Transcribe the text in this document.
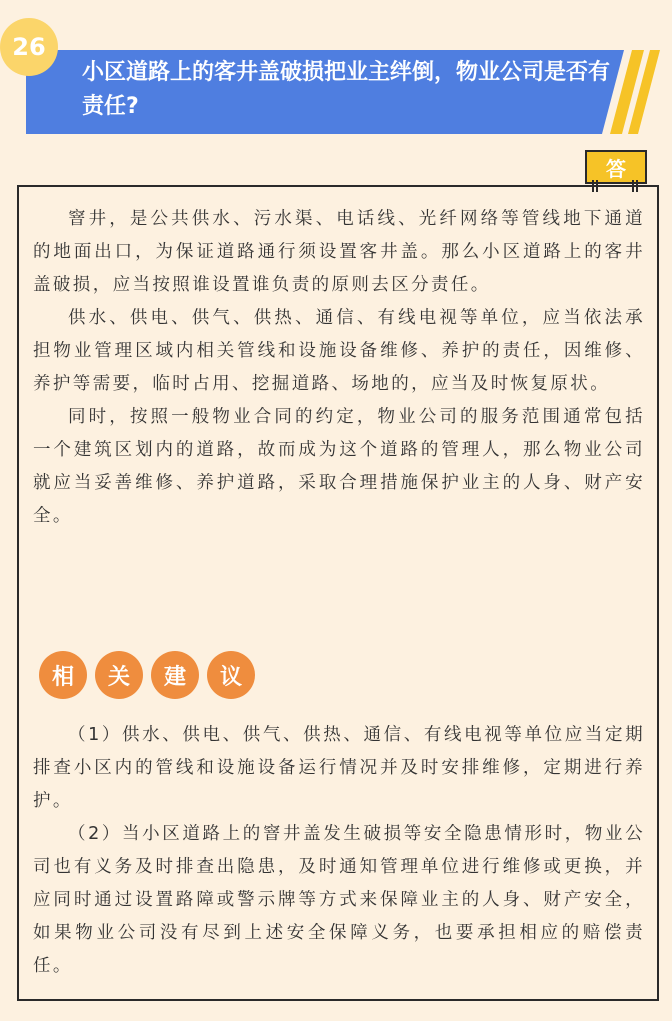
26
小区道路上的客井盖破损把业主绊倒，物业公司是否有责任?
答

窨井，是公共供水、污水渠、电话线、光纤网络等管线地下通道的地面出口，为保证道路通行须设置客井盖。那么小区道路上的客井盖破损，应当按照谁设置谁负责的原则去区分责任。

供水、供电、供气、供热、通信、有线电视等单位，应当依法承担物业管理区域内相关管线和设施设备维修、养护的责任，因维修、养护等需要，临时占用、挖掘道路、场地的，应当及时恢复原状。

同时，按照一般物业合同的约定，物业公司的服务范围通常包括一个建筑区划内的道路，故而成为这个道路的管理人，那么物业公司就应当妥善维修、养护道路，采取合理措施保护业主的人身、财产安全。

相	关	建	议

（1）供水、供电、供气、供热、通信、有线电视等单位应当定期排查小区内的管线和设施设备运行情况并及时安排维修，定期进行养护。

（2）当小区道路上的窨井盖发生破损等安全隐患情形时，物业公司也有义务及时排查出隐患，及时通知管理单位进行维修或更换，并应同时通过设置路障或警示牌等方式来保障业主的人身、财产安全，如果物业公司没有尽到上述安全保障义务，也要承担相应的赔偿责任。
